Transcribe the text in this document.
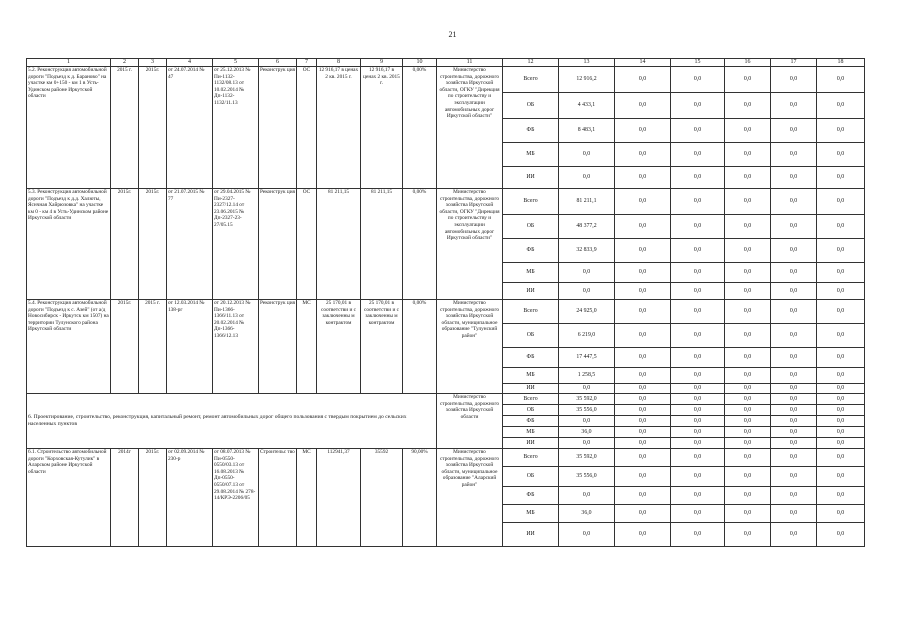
21
1	2	3	4	5	6	7	8	9	10	11	12	13	14	15	16	17	18
5.2. Реконструкция автомобильной дороги "Подъезд к д. Барановo" на участке км 0+150 - км 1 в Усть-Удинском районе Иркутской области	2015 г.	2015г.	от 24.07.2014 № 47	от 25.12.2013 № Пи-1132-1132/08.13 от 10.02.2014 № Дп-1132-1132/11.13	Реконструк ция	ОС	12 916,17 в ценах 2 кв. 2015 г.	12 916,17 в ценах 2 кв. 2015 г.	0,00%	Министерство строительства, дорожного хозяйства Иркутской области, ОГКУ "Дирекция по строительству и эксплуатации автомобильных дорог Иркутской области"	Всего	12 916,2	0,0	0,0	0,0	0,0	0,0
											ОБ	4 433,1	0,0	0,0	0,0	0,0	0,0
											ФБ	8 483,1	0,0	0,0	0,0	0,0	0,0
											МБ	0,0	0,0	0,0	0,0	0,0	0,0
											ИИ	0,0	0,0	0,0	0,0	0,0	0,0
5.3. Реконструкция автомобильной дороги "Подъезд к д.д. Халюты, Яснчная Хайрюзовка" на участке км 0 - км 4 в Усть-Удинском районе Иркутской области	2015г.	2015г.	от 21.07.2015 № 77	от 29.04.2015 № Пи-2327-2327/12.14 от 23.06.2015 № Дп-2327-23-27/05.15	Реконструк ция	ОС	81 211,15	81 211,15	0,00%	Министерство строительства, дорожного хозяйства Иркутской области, ОГКУ "Дирекция по строительству и эксплуатации автомобильных дорог Иркутской области"	Всего	81 211,1	0,0	0,0	0,0	0,0	0,0
											ОБ	48 377,2	0,0	0,0	0,0	0,0	0,0
											ФБ	32 833,9	0,0	0,0	0,0	0,0	0,0
											МБ	0,0	0,0	0,0	0,0	0,0	0,0
											ИИ	0,0	0,0	0,0	0,0	0,0	0,0
5.4. Реконструкция автомобильной дороги "Подъезд к с. Азей" (от а/д Новосибирск - Иркутск км 1507) на территории Тулунского района Иркутской области	2015г.	2015 г.	от 12.03.2014 № 138-рг	от 20.12.2013 № Пи-1366-1366/11.13 от 20.02.2014 № Дп-1366-1366/12.13	Реконструк ция	МС	25 170,01 в соответстви и с заключенны м контрактом	25 170,01 в соответстви и с заключенны м контрактом	0,00%	Министерство строительства, дорожного хозяйства Иркутской области, муниципальное образование "Тулунский район"	Всего	24 925,0	0,0	0,0	0,0	0,0	0,0
											ОБ	6 219,0	0,0	0,0	0,0	0,0	0,0
											ФБ	17 447,5	0,0	0,0	0,0	0,0	0,0
											МБ	1 258,5	0,0	0,0	0,0	0,0	0,0
											ИИ	0,0	0,0	0,0	0,0	0,0	0,0
6. Проектирование, строительство, реконструкция, капитальный ремонт, ремонт автомобильных дорог общего пользования с твердым покрытием до сельских населенных пунктов										Министерство строительства, дорожного хозяйства Иркутской области	Всего	35 592,0	0,0	0,0	0,0	0,0	0,0
											ОБ	35 556,0	0,0	0,0	0,0	0,0	0,0
											ФБ	0,0	0,0	0,0	0,0	0,0	0,0
											МБ	36,0	0,0	0,0	0,0	0,0	0,0
											ИИ	0,0	0,0	0,0	0,0	0,0	0,0
6.1. Строительство автомобильной дороги "Корховская-Кутулик" в Аларском районе Иркутской области	2014г	2015г.	от 02.09.2014 № 230-р	от 08.07.2013 № Пи-0550-0550/03.13 от 16.08.2013 № Дп-0550-0550/07.13 от 29.08.2014 № 278-14/КРЭ-2206/05	Строительс тво	МС	112941,37	35592	90,00%	Министерство строительства, дорожного хозяйства Иркутской области, муниципальное образование "Аларский район"	Всего	35 592,0	0,0	0,0	0,0	0,0	0,0
											ОБ	35 556,0	0,0	0,0	0,0	0,0	0,0
											ФБ	0,0	0,0	0,0	0,0	0,0	0,0
											МБ	36,0	0,0	0,0	0,0	0,0	0,0
											ИИ	0,0	0,0	0,0	0,0	0,0	0,0
